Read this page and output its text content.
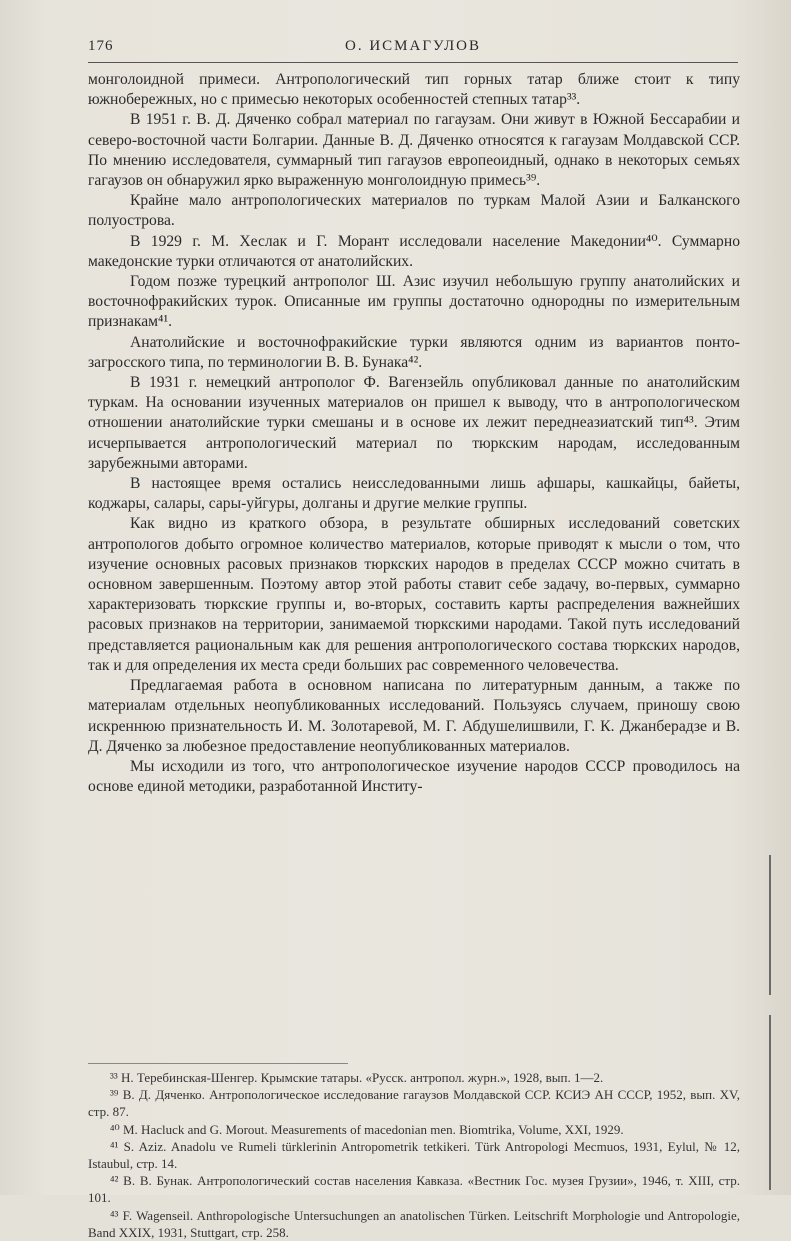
176	О. ИСМАГУЛОВ

монголоидной примеси. Антропологический тип горных татар ближе стоит к типу южнобережных, но с примесью некоторых особенностей степных татар³³.

В 1951 г. В. Д. Дяченко собрал материал по гагаузам. Они живут в Южной Бессарабии и северо-восточной части Болгарии. Данные В. Д. Дяченко относятся к гагаузам Молдавской ССР. По мнению исследователя, суммарный тип гагаузов европеоидный, однако в некоторых семьях гагаузов он обнаружил ярко выраженную монголоидную примесь³⁹.

Крайне мало антропологических материалов по туркам Малой Азии и Балканского полуострова.

В 1929 г. М. Хеслак и Г. Морант исследовали население Македонии⁴⁰. Суммарно македонские турки отличаются от анатолийских.

Годом позже турецкий антрополог Ш. Азис изучил небольшую группу анатолийских и восточнофракийских турок. Описанные им группы достаточно однородны по измерительным признакам⁴¹.

Анатолийские и восточнофракийские турки являются одним из вариантов понто-загросского типа, по терминологии В. В. Бунака⁴².

В 1931 г. немецкий антрополог Ф. Вагензейль опубликовал данные по анатолийским туркам. На основании изученных материалов он пришел к выводу, что в антропологическом отношении анатолийские турки смешаны и в основе их лежит переднеазиатский тип⁴³. Этим исчерпывается антропологический материал по тюркским народам, исследованным зарубежными авторами.

В настоящее время остались неисследованными лишь афшары, кашкайцы, байеты, коджары, салары, сары-уйгуры, долганы и другие мелкие группы.

Как видно из краткого обзора, в результате обширных исследований советских антропологов добыто огромное количество материалов, которые приводят к мысли о том, что изучение основных расовых признаков тюркских народов в пределах СССР можно считать в основном завершенным. Поэтому автор этой работы ставит себе задачу, во-первых, суммарно характеризовать тюркские группы и, во-вторых, составить карты распределения важнейших расовых признаков на территории, занимаемой тюркскими народами. Такой путь исследований представляется рациональным как для решения антропологического состава тюркских народов, так и для определения их места среди больших рас современного человечества.

Предлагаемая работа в основном написана по литературным данным, а также по материалам отдельных неопубликованных исследований. Пользуясь случаем, приношу свою искреннюю признательность И. М. Золотаревой, М. Г. Абдушелишвили, Г. К. Джанберадзе и В. Д. Дяченко за любезное предоставление неопубликованных материалов.

Мы исходили из того, что антропологическое изучение народов СССР проводилось на основе единой методики, разработанной Институ-

³³ Н. Теребинская-Шенгер. Крымские татары. «Русск. антропол. журн.», 1928, вып. 1—2.

³⁹ В. Д. Дяченко. Антропологическое исследование гагаузов Молдавской ССР. КСИЭ АН СССР, 1952, вып. XV, стр. 87.

⁴⁰ M. Hacluck and G. Morout. Measurements of macedonian men. Biomtrika, Volume, XXI, 1929.

⁴¹ S. Aziz. Anadolu ve Rumeli türklerinin Antropometrik tetkikeri. Türk Antropologi Mecmuos, 1931, Eylul, № 12, Istaubul, стр. 14.

⁴² В. В. Бунак. Антропологический состав населения Кавказа. «Вестник Гос. музея Грузии», 1946, т. XIII, стр. 101.

⁴³ F. Wagenseil. Anthropologische Untersuchungen an anatolischen Türken. Leitschrift Morphologie und Antropologie, Band XXIX, 1931, Stuttgart, стр. 258.
